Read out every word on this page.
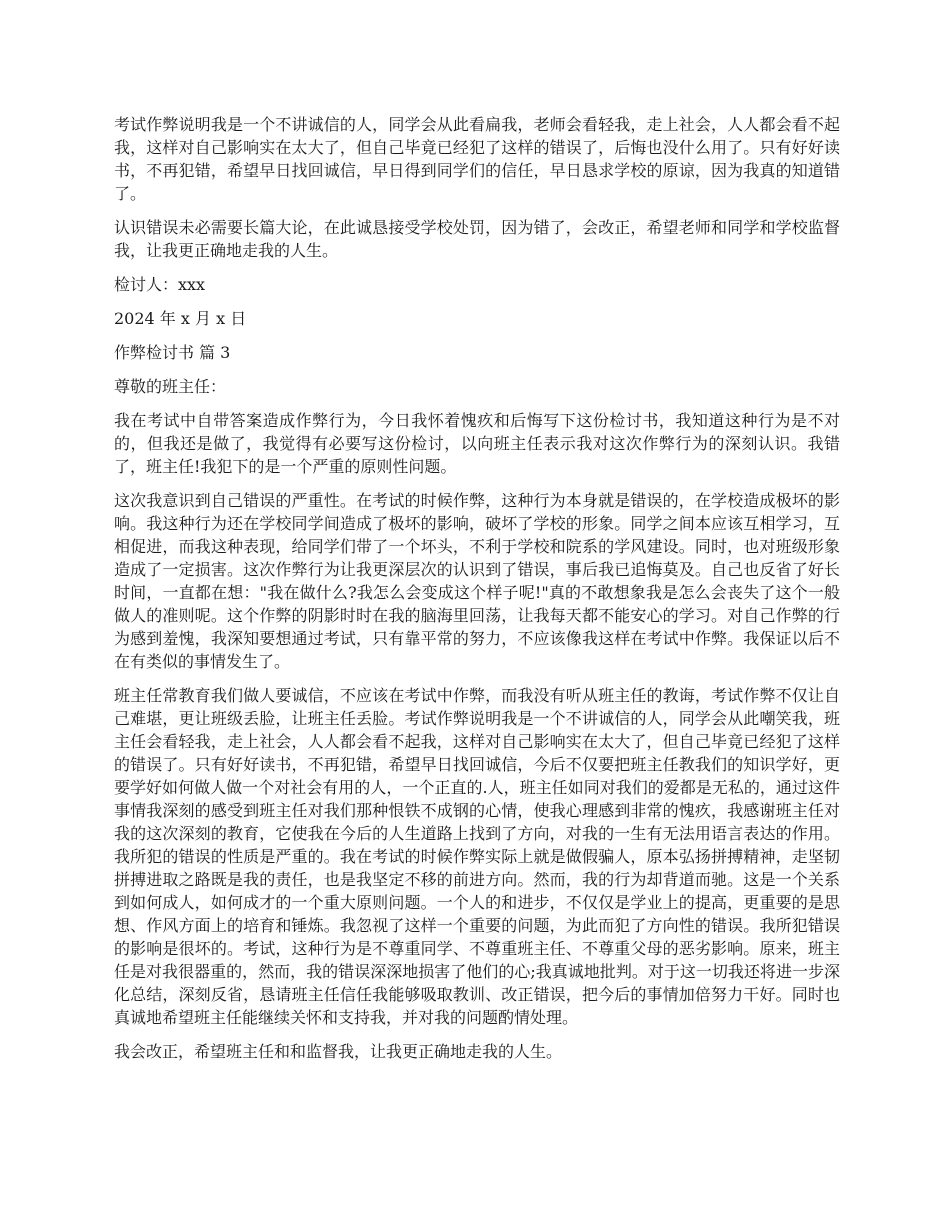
考试作弊说明我是一个不讲诚信的人，同学会从此看扁我，老师会看轻我，走上社会，人人都会看不起我，这样对自己影响实在太大了，但自己毕竟已经犯了这样的错误了，后悔也没什么用了。只有好好读书，不再犯错，希望早日找回诚信，早日得到同学们的信任，早日恳求学校的原谅，因为我真的知道错了。

认识错误未必需要长篇大论，在此诚恳接受学校处罚，因为错了，会改正，希望老师和同学和学校监督我，让我更正确地走我的人生。

检讨人：xxx

2024 年 x 月 x 日

作弊检讨书 篇 3

尊敬的班主任：

我在考试中自带答案造成作弊行为，今日我怀着愧疚和后悔写下这份检讨书，我知道这种行为是不对的，但我还是做了，我觉得有必要写这份检讨，以向班主任表示我对这次作弊行为的深刻认识。我错了，班主任!我犯下的是一个严重的原则性问题。

这次我意识到自己错误的严重性。在考试的时候作弊，这种行为本身就是错误的，在学校造成极坏的影响。我这种行为还在学校同学间造成了极坏的影响，破坏了学校的形象。同学之间本应该互相学习，互相促进，而我这种表现，给同学们带了一个坏头，不利于学校和院系的学风建设。同时，也对班级形象造成了一定损害。这次作弊行为让我更深层次的认识到了错误，事后我已追悔莫及。自己也反省了好长时间，一直都在想："我在做什么?我怎么会变成这个样子呢!"真的不敢想象我是怎么会丧失了这个一般做人的准则呢。这个作弊的阴影时时在我的脑海里回荡，让我每天都不能安心的学习。对自己作弊的行为感到羞愧，我深知要想通过考试，只有靠平常的努力，不应该像我这样在考试中作弊。我保证以后不在有类似的事情发生了。

班主任常教育我们做人要诚信，不应该在考试中作弊，而我没有听从班主任的教诲，考试作弊不仅让自己难堪，更让班级丢脸，让班主任丢脸。考试作弊说明我是一个不讲诚信的人，同学会从此嘲笑我，班主任会看轻我，走上社会，人人都会看不起我，这样对自己影响实在太大了，但自己毕竟已经犯了这样的错误了。只有好好读书，不再犯错，希望早日找回诚信，今后不仅要把班主任教我们的知识学好，更要学好如何做人做一个对社会有用的人，一个正直的.人，班主任如同对我们的爱都是无私的，通过这件事情我深刻的感受到班主任对我们那种恨铁不成钢的心情，使我心理感到非常的愧疚，我感谢班主任对我的这次深刻的教育，它使我在今后的人生道路上找到了方向，对我的一生有无法用语言表达的作用。我所犯的错误的性质是严重的。我在考试的时候作弊实际上就是做假骗人，原本弘扬拼搏精神，走坚韧拼搏进取之路既是我的责任，也是我坚定不移的前进方向。然而，我的行为却背道而驰。这是一个关系到如何成人，如何成才的一个重大原则问题。一个人的和进步，不仅仅是学业上的提高，更重要的是思想、作风方面上的培育和锤炼。我忽视了这样一个重要的问题，为此而犯了方向性的错误。我所犯错误的影响是很坏的。考试，这种行为是不尊重同学、不尊重班主任、不尊重父母的恶劣影响。原来，班主任是对我很器重的，然而，我的错误深深地损害了他们的心;我真诚地批判。对于这一切我还将进一步深化总结，深刻反省，恳请班主任信任我能够吸取教训、改正错误，把今后的事情加倍努力干好。同时也真诚地希望班主任能继续关怀和支持我，并对我的问题酌情处理。

我会改正，希望班主任和和监督我，让我更正确地走我的人生。
